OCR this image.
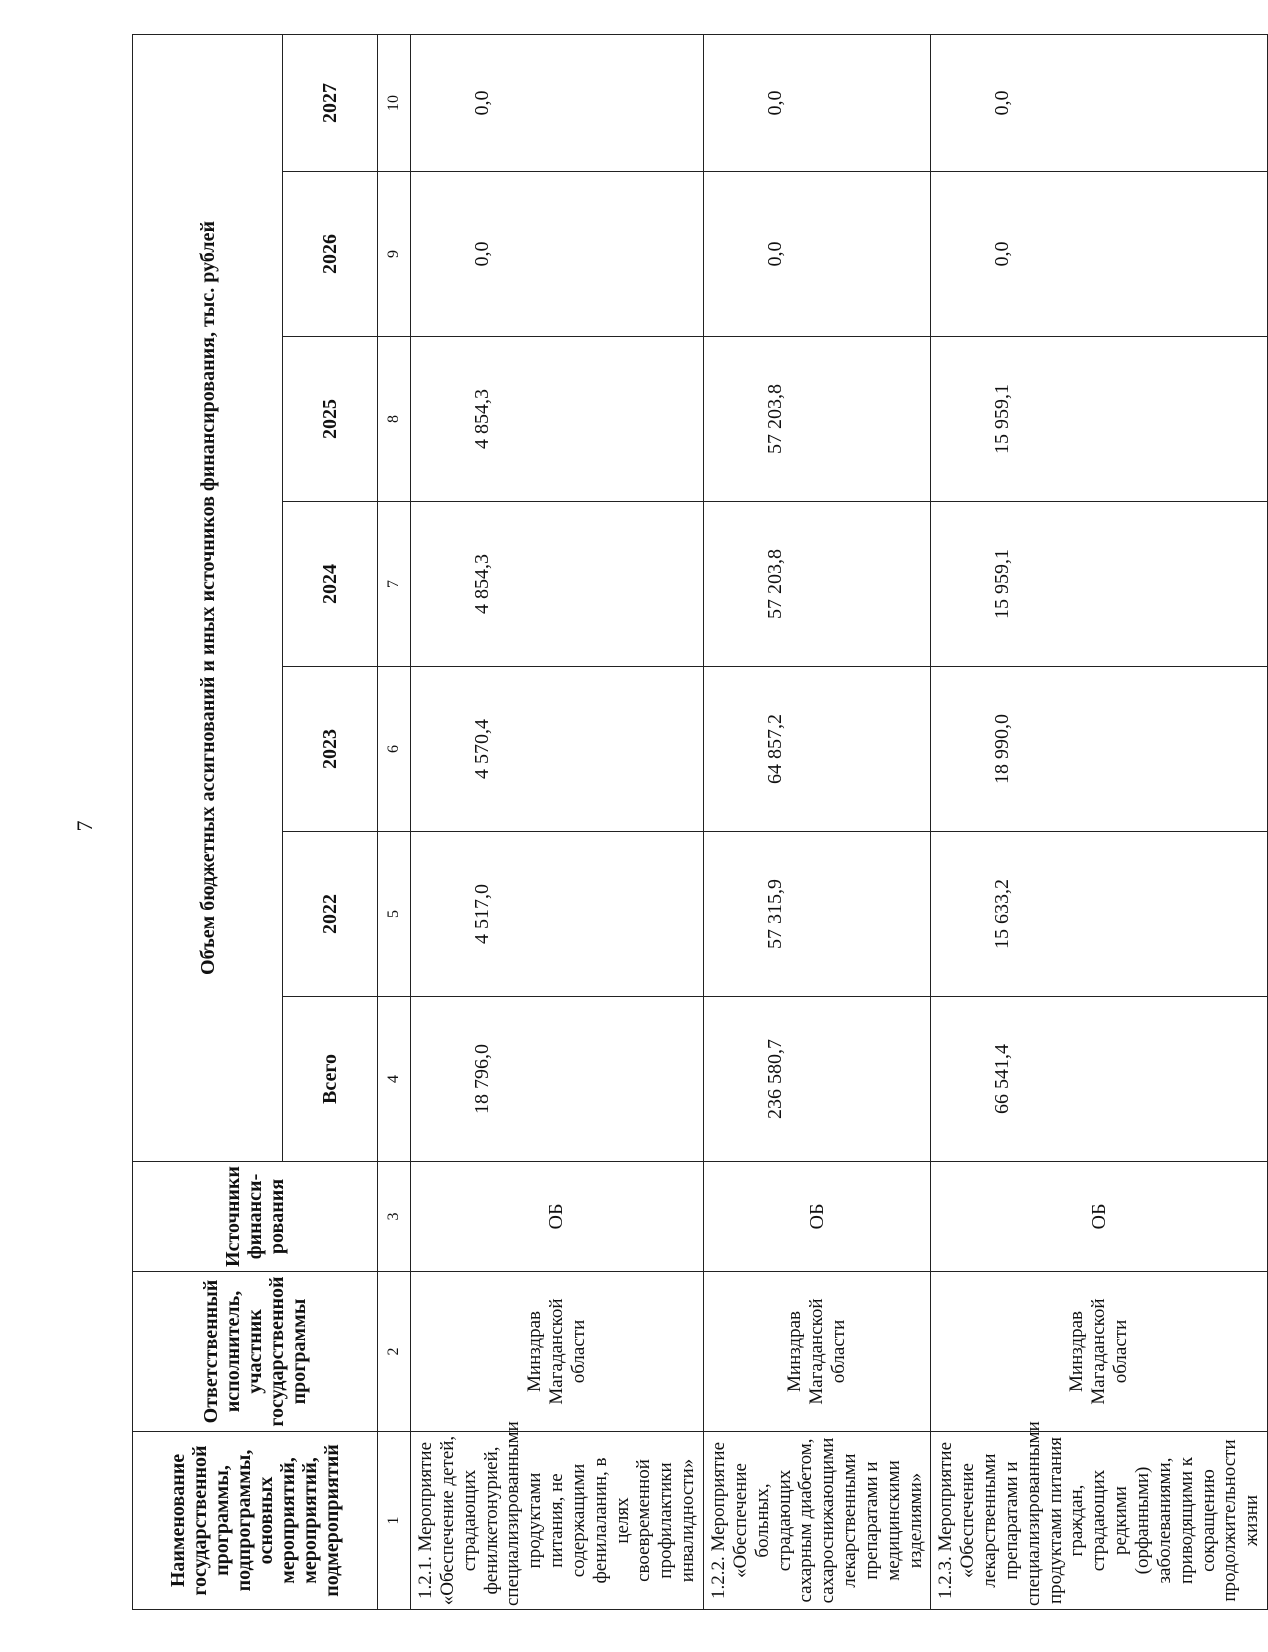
7
Наименование государственной программы, подпрограммы, основных мероприятий, мероприятий, подмероприятий	Ответственный исполнитель, участник государственной программы	Источники финанси-рования	Объем бюджетных ассигнований и иных источников финансирования, тыс. рублей						
			Всего	2022	2023	2024	2025	2026	2027
1	2	3	4	5	6	7	8	9	10
1.2.1. Мероприятие «Обеспечение детей, страдающих фенилкетонурией, специализированными продуктами питания, не содержащими фенилаланин, в целях своевременной профилактики инвалидности»	Минздрав Магаданской области	ОБ	18 796,0	4 517,0	4 570,4	4 854,3	4 854,3	0,0	0,0
1.2.2. Мероприятие «Обеспечение больных, страдающих сахарным диабетом, сахароснижающими лекарственными препаратами и медицинскими изделиями»	Минздрав Магаданской области	ОБ	236 580,7	57 315,9	64 857,2	57 203,8	57 203,8	0,0	0,0
1.2.3. Мероприятие «Обеспечение лекарственными препаратами и специализированными продуктами питания граждан, страдающих редкими (орфанными) заболеваниями, приводящими к сокращению продолжительности жизни	Минздрав Магаданской области	ОБ	66 541,4	15 633,2	18 990,0	15 959,1	15 959,1	0,0	0,0
